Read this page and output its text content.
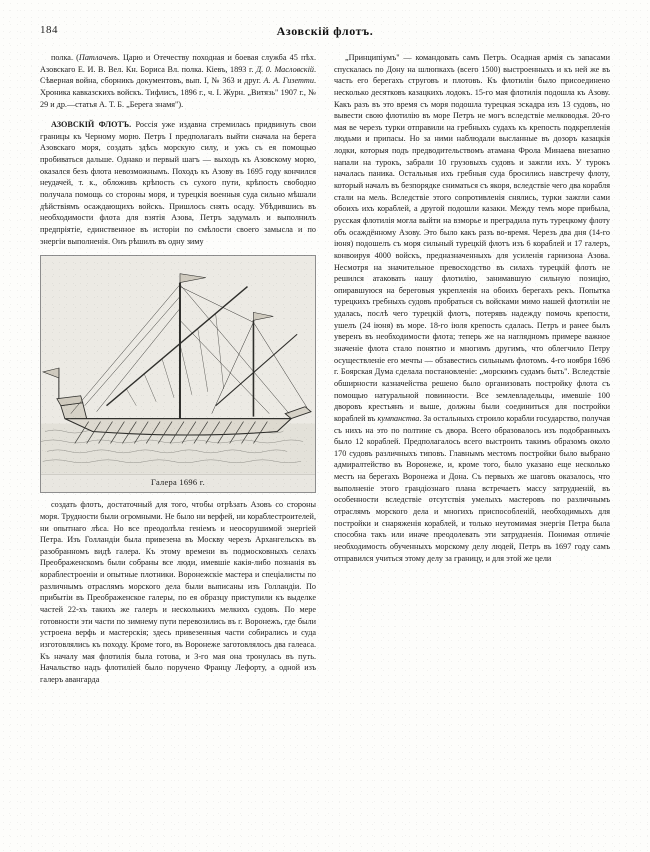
184	Азовскій флотъ.

полка. (Патлачевъ. Царю и Отечеству походная и боевая служба 45 пѣх. Азовскаго Е. И. В. Вел. Кн. Бориса Вл. полка. Кіевъ, 1893 г. Д. 0. Масловскій. Сѣверная война, сборникъ документовъ, вып. I, № 363 и друг. А. А. Гизетти. Хроника кавказскихъ войскъ. Тифлисъ, 1896 г., ч. I. Журн. „Витязь" 1907 г., № 29 и др.—статья А. Т. Б. „Берега знамя").

АЗОВСКІЙ ФЛОТЪ. Россія уже издавна стремилась придвинуть свои границы къ Черному морю. Петръ I предполагалъ выйти сначала на берега Азовскаго моря, создать здѣсь морскую силу, и ужъ съ ея помощью пробиваться дальше. Однако и первый шагъ — выходъ къ Азовскому морю, оказался безъ флота невозможнымъ. Походъ къ Азову въ 1695 году кончился неудачей, т. к., обложивъ крѣпость съ сухого пути, крѣпость свободно получала помощь со стороны моря, и турецкія военныя суда сильно мѣшали дѣйствіямъ осаждающихъ войскъ. Пришлось снять осаду. Убѣдившись въ необходимости флота для взятія Азова, Петръ задумалъ и выполнилъ предпріятіе, единственное въ исторіи по смѣлости своего замысла и по энергіи выполненія. Онъ рѣшилъ въ одну зиму

Галера 1696 г.

создать флотъ, достаточный для того, чтобы отрѣзать Азовъ со стороны моря. Трудности были огромными. Не было ни верфей, ни кораблестроителей, ни опытнаго лѣса. Но все преодолѣла геніемъ и неосoрушимой энергіей Петра. Изъ Голландіи была привезена въ Москву черезъ Архангельскъ въ разобранномъ видѣ галера. Къ этому времени въ подмосковныхъ сeлaхъ Преображенскомъ были собраны всe люди, имeвшіе какія-либо познанія въ кораблестроеніи и опытные плотники. Воронежскіе мастера и спеціалисты по различнымъ отраслямъ морского дeла были выписаны изъ Голландіи. По прибытіи въ Преображенское галеры, по ея образцу приступили къ выдeлкe частей 22-хъ такихъ же галеръ и нeсколькихъ мелкихъ судовъ. По мeрe готовности эти части по зимнему пути перевозились въ г. Воронежъ, гдe были устроена верфь и мастерскія; здeсь привезенныя части собирались и суда изготовлялись къ походу. Кромe того, въ Воронежe заготовлялось два галеаса. Къ началу мая флотилія была готова, и 3-го мая она тронулась въ путь. Начальство надъ флотиліей было поручено Францу Лефорту, а одной изъ галеръ авангарда

„Принципіумъ" — командовать самъ Петръ. Осадная армія съ запасами спускалась по Дону на шлюпкахъ (всего 1500) выстроенныхъ и къ ней же въ часть его берегахъ струговъ и плотовъ. Къ флотиліи было присоединено нeсколько десятковъ казацкихъ лодокъ. 15-го мая флотилія подошла къ Азову. Какъ разъ въ это время съ моря подошла турецкая эскадра изъ 13 судовъ, но вывести свою флотилію въ море Петръ не могъ вслeдствіе мелководья. 20-го мая вe черезъ турки отправили на гребныхъ судахъ къ крeпость подкрeпленія людьми и припасы. Но за ними наблюдали высланные въ дозоръ казацкія лодки, которыя подъ предводительствомъ атамана Фрола Минаева внезапно напали на турокъ, забрали 10 грузовыхъ судовъ и зажгли ихъ. У турокъ началась паника. Остальныя ихъ гребныя суда бросились навстрeчу флоту, который началъ въ безпорядкe сниматься съ якоря, вслeдствіе чего два корабля стали на мель. Вслeдствіе этого сопротивленія снялись, турки зажгли сами обоихъ ихъ кораблей, а другой подошли казаки. Между тeмъ морe прибыла, русская флотилія могла выйти на взморье и преградила путь турецкому флоту объ осаждённому Азову. Это было какъ разъ во-время. Черезъ два дня (14-го іюня) подошелъ съ моря сильный турецкій флотъ изъ 6 кораблей и 17 галеръ, конвоируя 4000 войскъ, предназначенныхъ для усиленія гарнизона Азова. Несмотря на значительное превосходство въ силахъ турецкій флотъ не рeшился атаковать нашу флотилію, занимавшую сильную позицію, опиравшуюся на береговыя укрeпленія на обоихъ берегахъ рeкъ. Попытка турецкихъ гребныхъ судовъ пробраться съ войсками мимо нашей флотиліи не удалась, послѣ чего турецкій флотъ, потерявъ надежду помочь крeпости, ушелъ (24 іюня) въ море. 18-го іюля крeпость сдалась. Петръ и ранeе былъ увeренъ въ необходимости флота; теперь же на наглядномъ примeрe важное значеніе флота стало понятно и многимъ другимъ, что облегчило Петру осуществленіе его мечты — обзавестись сильнымъ флотомъ. 4-го ноября 1696 г. Боярская Дума сдeлала постановленіе: „морскимъ судамъ быть". Вслeдствіе обширности казначейства рeшено было организовать постройку флота съ помощью натуральной повинности. Всe землевладeльцы, имeвшіе 100 дворовъ крестьянъ и выше, должны были соединиться для постройки кораблей въ кумпанства. За остальныхъ строило корабли государство, получая съ нихъ на это по полтинe съ двора. Всeго образовалось изъ подобранныхъ было 12 кораблей. Предполагалось всего выстроить такимъ образомъ около 170 судовъ различныхъ типовъ. Главнымъ мeстомъ постройки было выбрано адмиралтейство въ Воронежe, и, кромe того, было указано еще нeсколько мeстъ на берегахъ Воронежа и Дона. Съ первыхъ же шаговъ оказалось, что выполненіе этого грандіознаго плана встрeчаетъ массу затрудненій, въ особенности вслeдствіе отсутствія умeлыхъ мастеровъ по различнымъ отраслямъ морского дeла и многихъ приспособленій, необходимыхъ для постройки и снаряженія кораблей, и только неутомимая энергія Петра была способна такъ или иначе преодолeвать эти затрудненія. Понимая отличіе необходимость обученныхъ морскому дeлу людей, Петръ въ 1697 году самъ отправился учиться этому дeлу за границу, и для этой же цeли
